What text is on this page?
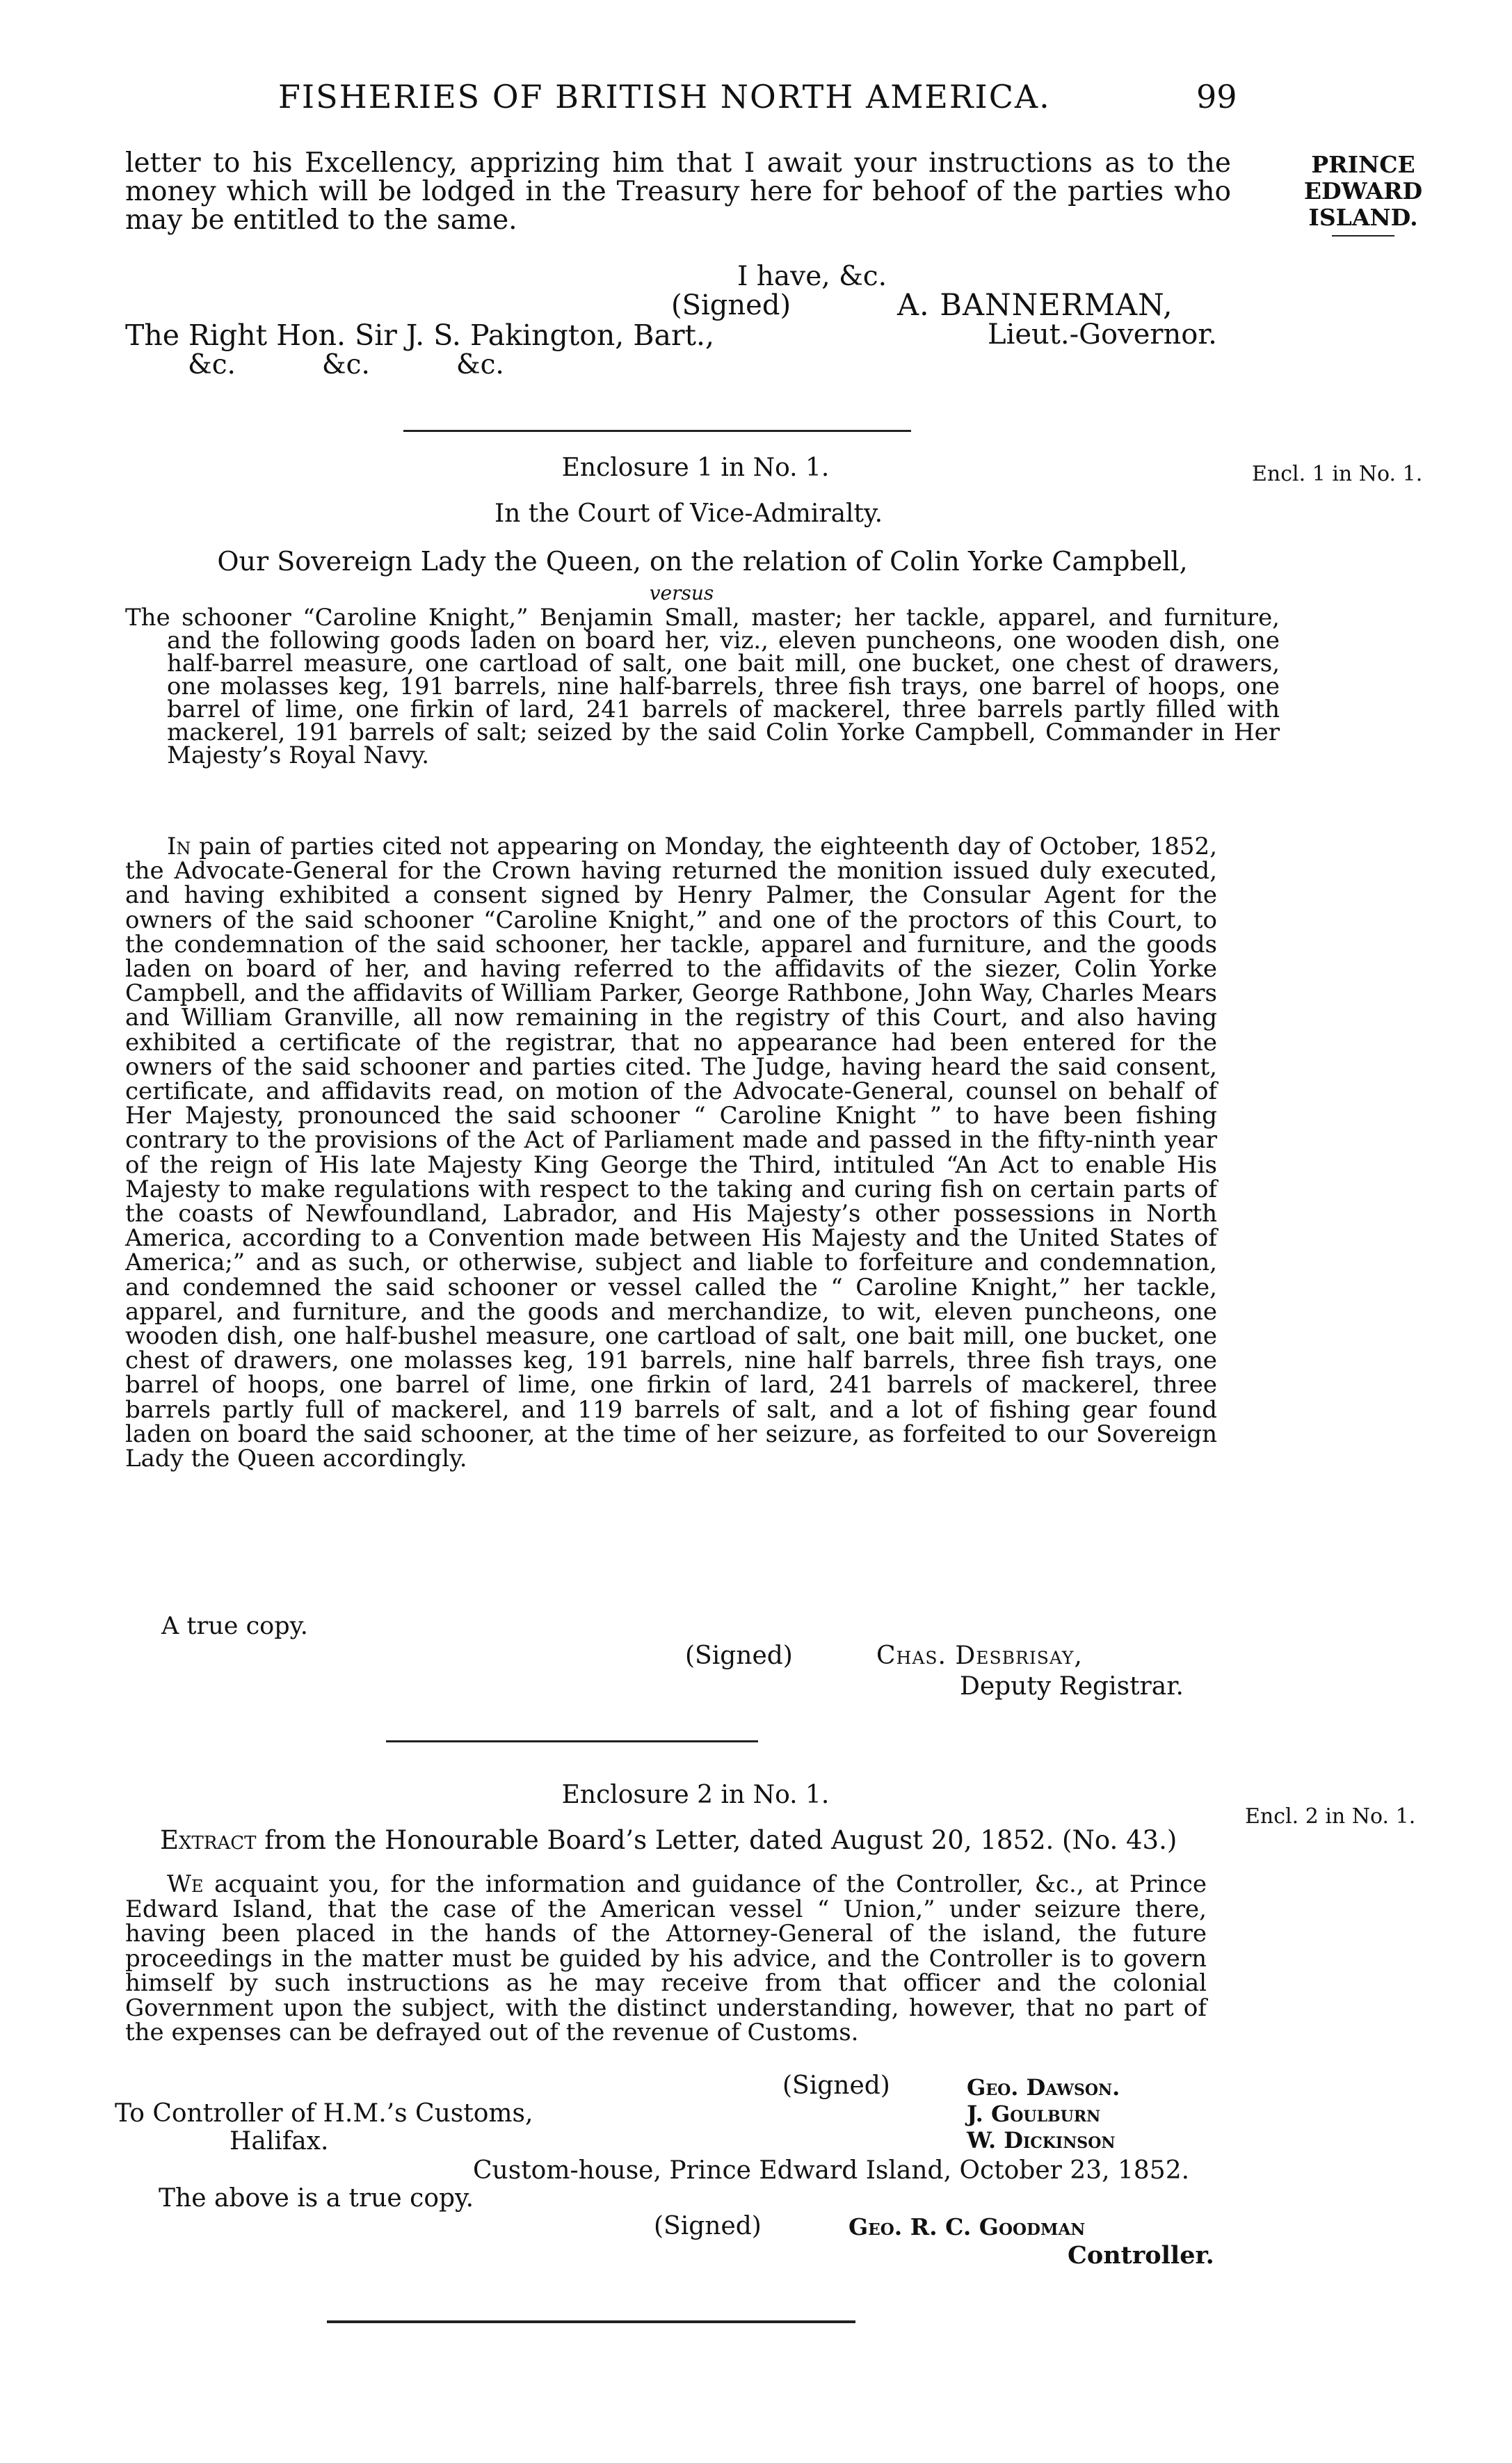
FISHERIES OF BRITISH NORTH AMERICA.	99
PRINCE
EDWARD
ISLAND.
letter to his Excellency, apprizing him that I await your instructions as to the money which will be lodged in the Treasury here for behoof of the parties who may be entitled to the same.
I have, &c.
(Signed)	A. BANNERMAN,
The Right Hon. Sir J. S. Pakington, Bart.,	Lieut.-Governor.
&c.          &c.          &c.
Enclosure 1 in No. 1.	Encl. 1 in No. 1.
In the Court of Vice-Admiralty.
Our Sovereign Lady the Queen, on the relation of Colin Yorke Campbell,
versus
The schooner “Caroline Knight,” Benjamin Small, master; her tackle, apparel, and furniture, and the following goods laden on board her, viz., eleven puncheons, one wooden dish, one half-barrel measure, one cartload of salt, one bait mill, one bucket, one chest of drawers, one molasses keg, 191 barrels, nine half-barrels, three fish trays, one barrel of hoops, one barrel of lime, one firkin of lard, 241 barrels of mackerel, three barrels partly filled with mackerel, 191 barrels of salt; seized by the said Colin Yorke Campbell, Commander in Her Majesty’s Royal Navy.
In pain of parties cited not appearing on Monday, the eighteenth day of October, 1852, the Advocate-General for the Crown having returned the monition issued duly executed, and having exhibited a consent signed by Henry Palmer, the Consular Agent for the owners of the said schooner “Caroline Knight,” and one of the proctors of this Court, to the condemnation of the said schooner, her tackle, apparel and furniture, and the goods laden on board of her, and having referred to the affidavits of the siezer, Colin Yorke Campbell, and the affidavits of William Parker, George Rathbone, John Way, Charles Mears and William Granville, all now remaining in the registry of this Court, and also having exhibited a certificate of the registrar, that no appearance had been entered for the owners of the said schooner and parties cited. The Judge, having heard the said consent, certificate, and affidavits read, on motion of the Advocate-General, counsel on behalf of Her Majesty, pronounced the said schooner “ Caroline Knight ” to have been fishing contrary to the provisions of the Act of Parliament made and passed in the fifty-ninth year of the reign of His late Majesty King George the Third, intituled “An Act to enable His Majesty to make regulations with respect to the taking and curing fish on certain parts of the coasts of Newfoundland, Labrador, and His Majesty’s other possessions in North America, according to a Convention made between His Majesty and the United States of America;” and as such, or otherwise, subject and liable to forfeiture and condemnation, and condemned the said schooner or vessel called the “ Caroline Knight,” her tackle, apparel, and furniture, and the goods and merchandize, to wit, eleven puncheons, one wooden dish, one half-bushel measure, one cartload of salt, one bait mill, one bucket, one chest of drawers, one molasses keg, 191 barrels, nine half barrels, three fish trays, one barrel of hoops, one barrel of lime, one firkin of lard, 241 barrels of mackerel, three barrels partly full of mackerel, and 119 barrels of salt, and a lot of fishing gear found laden on board the said schooner, at the time of her seizure, as forfeited to our Sovereign Lady the Queen accordingly.
A true copy.
(Signed)	Chas. Desbrisay,
Deputy Registrar.
Enclosure 2 in No. 1.
Encl. 2 in No. 1.
Extract from the Honourable Board’s Letter, dated August 20, 1852. (No. 43.)
We acquaint you, for the information and guidance of the Controller, &c., at Prince Edward Island, that the case of the American vessel “ Union,” under seizure there, having been placed in the hands of the Attorney-General of the island, the future proceedings in the matter must be guided by his advice, and the Controller is to govern himself by such instructions as he may receive from that officer and the colonial Government upon the subject, with the distinct understanding, however, that no part of the expenses can be defrayed out of the revenue of Customs.
(Signed)	Geo. Dawson.
J. Goulburn
W. Dickinson
To Controller of H.M.’s Customs,
Halifax.
Custom-house, Prince Edward Island, October 23, 1852.
The above is a true copy.
(Signed)	Geo. R. C. Goodman
Controller.
